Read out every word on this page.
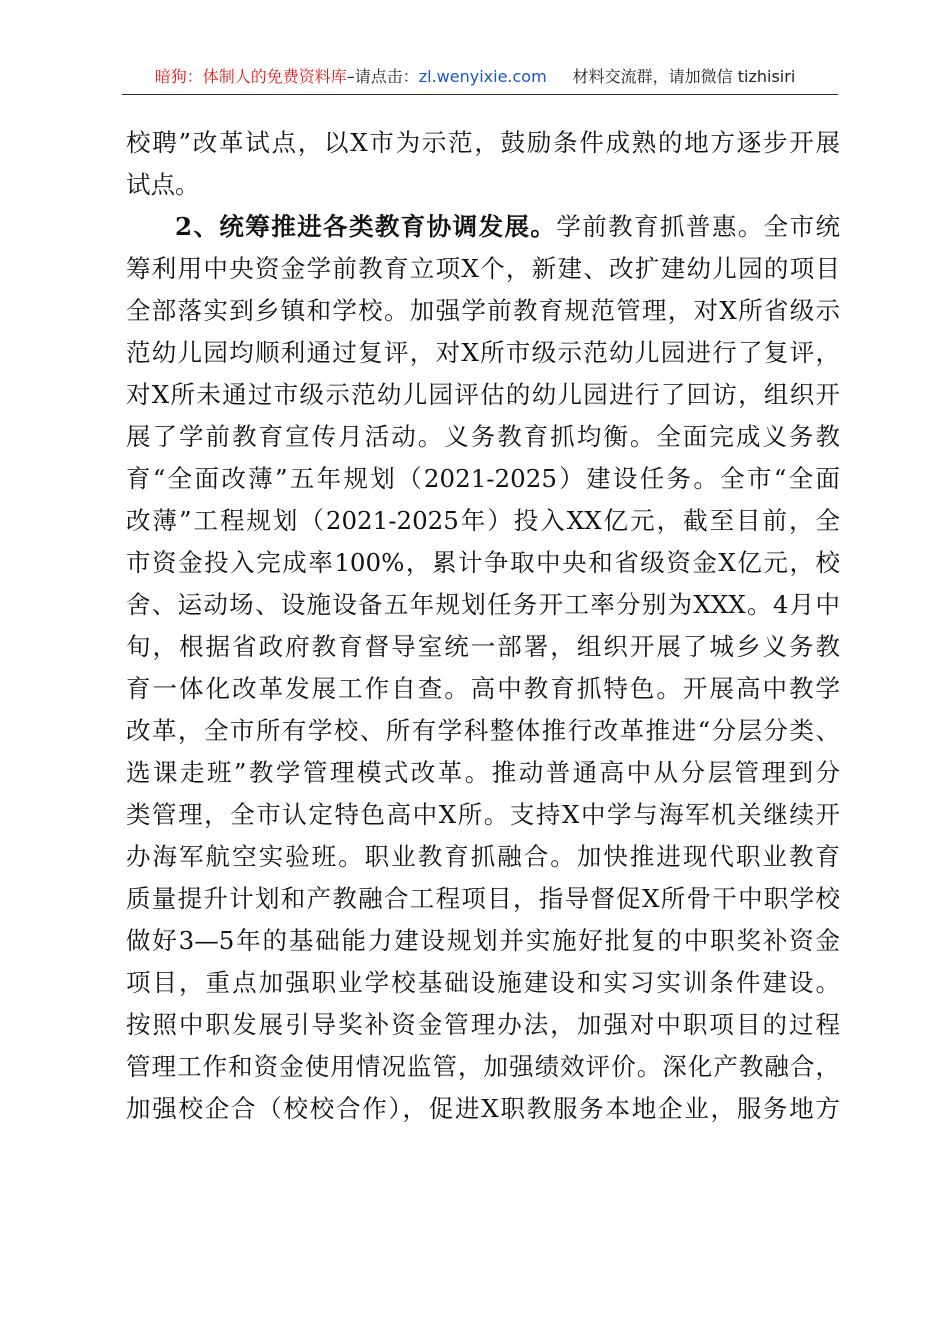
暗狗：体制人的免费资料库–请点击：zl.wenyixie.com 材料交流群，请加微信 tizhisiri
校聘”改革试点，以X市为示范，鼓励条件成熟的地方逐步开展
试点。
2、统筹推进各类教育协调发展。学前教育抓普惠。全市统
筹利用中央资金学前教育立项X个，新建、改扩建幼儿园的项目
全部落实到乡镇和学校。加强学前教育规范管理，对X所省级示
范幼儿园均顺利通过复评，对X所市级示范幼儿园进行了复评，
对X所未通过市级示范幼儿园评估的幼儿园进行了回访，组织开
展了学前教育宣传月活动。义务教育抓均衡。全面完成义务教
育“全面改薄”五年规划（2021-2025）建设任务。全市“全面
改薄”工程规划（2021-2025年）投入XX亿元，截至目前，全
市资金投入完成率100%，累计争取中央和省级资金X亿元，校
舍、运动场、设施设备五年规划任务开工率分别为XXX。4月中
旬，根据省政府教育督导室统一部署，组织开展了城乡义务教
育一体化改革发展工作自查。高中教育抓特色。开展高中教学
改革，全市所有学校、所有学科整体推行改革推进“分层分类、
选课走班”教学管理模式改革。推动普通高中从分层管理到分
类管理，全市认定特色高中X所。支持X中学与海军机关继续开
办海军航空实验班。职业教育抓融合。加快推进现代职业教育
质量提升计划和产教融合工程项目，指导督促X所骨干中职学校
做好3—5年的基础能力建设规划并实施好批复的中职奖补资金
项目，重点加强职业学校基础设施建设和实习实训条件建设。
按照中职发展引导奖补资金管理办法，加强对中职项目的过程
管理工作和资金使用情况监管，加强绩效评价。深化产教融合，
加强校企合（校校合作），促进X职教服务本地企业，服务地方
